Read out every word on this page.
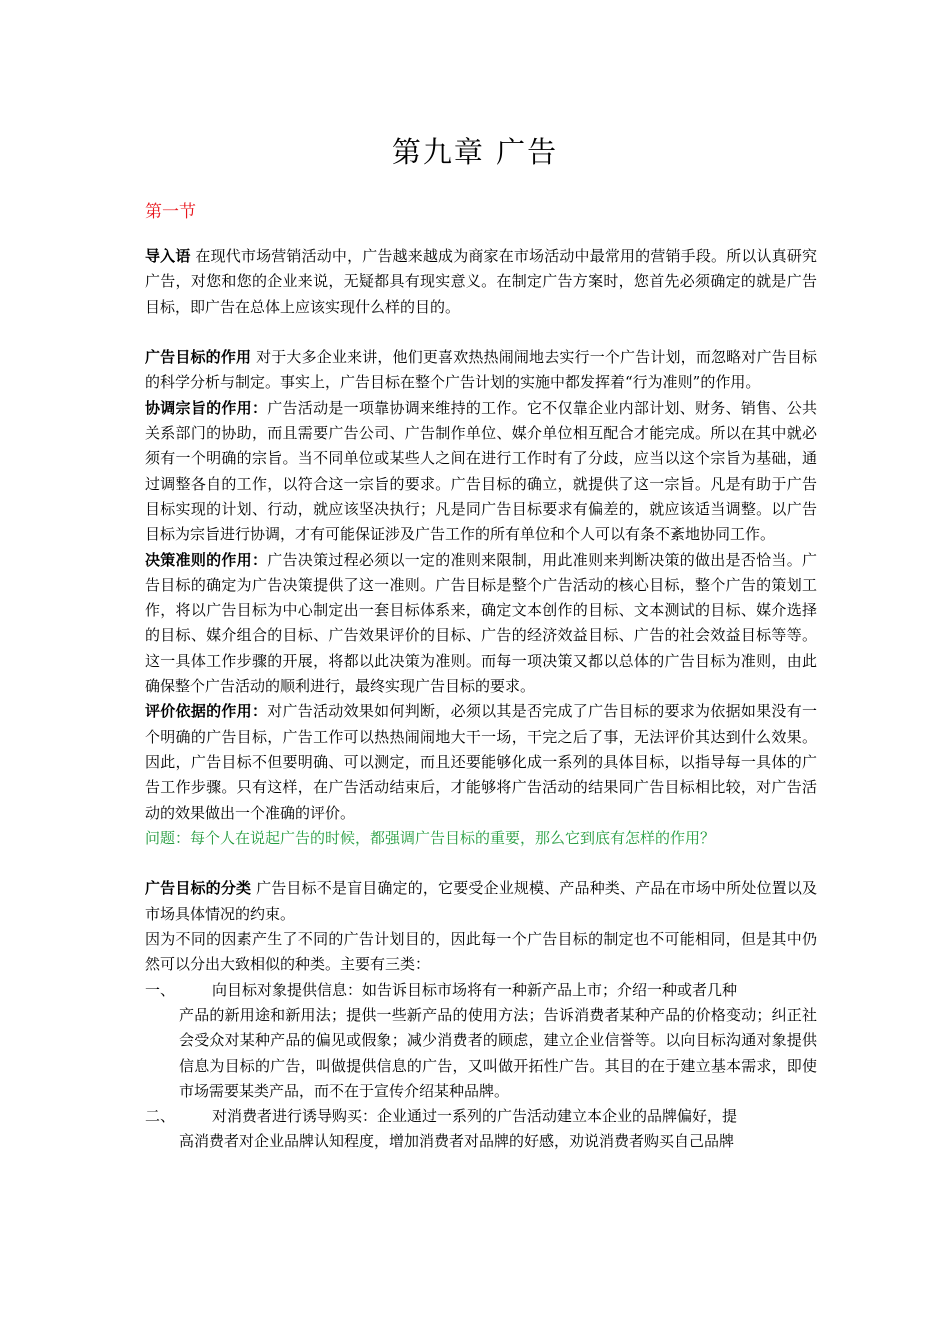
第九章 广告
第一节

导入语 在现代市场营销活动中，广告越来越成为商家在市场活动中最常用的营销手段。所以认真研究广告，对您和您的企业来说，无疑都具有现实意义。在制定广告方案时，您首先必须确定的就是广告目标，即广告在总体上应该实现什么样的目的。

广告目标的作用 对于大多企业来讲，他们更喜欢热热闹闹地去实行一个广告计划，而忽略对广告目标的科学分析与制定。事实上，广告目标在整个广告计划的实施中都发挥着“行为准则”的作用。

协调宗旨的作用：广告活动是一项靠协调来维持的工作。它不仅靠企业内部计划、财务、销售、公共关系部门的协助，而且需要广告公司、广告制作单位、媒介单位相互配合才能完成。所以在其中就必须有一个明确的宗旨。当不同单位或某些人之间在进行工作时有了分歧，应当以这个宗旨为基础，通过调整各自的工作，以符合这一宗旨的要求。广告目标的确立，就提供了这一宗旨。凡是有助于广告目标实现的计划、行动，就应该坚决执行；凡是同广告目标要求有偏差的，就应该适当调整。以广告目标为宗旨进行协调，才有可能保证涉及广告工作的所有单位和个人可以有条不紊地协同工作。

决策准则的作用：广告决策过程必须以一定的准则来限制，用此准则来判断决策的做出是否恰当。广告目标的确定为广告决策提供了这一准则。广告目标是整个广告活动的核心目标，整个广告的策划工作，将以广告目标为中心制定出一套目标体系来，确定文本创作的目标、文本测试的目标、媒介选择的目标、媒介组合的目标、广告效果评价的目标、广告的经济效益目标、广告的社会效益目标等等。这一具体工作步骤的开展，将都以此决策为准则。而每一项决策又都以总体的广告目标为准则，由此确保整个广告活动的顺利进行，最终实现广告目标的要求。

评价依据的作用：对广告活动效果如何判断，必须以其是否完成了广告目标的要求为依据如果没有一个明确的广告目标，广告工作可以热热闹闹地大干一场，干完之后了事，无法评价其达到什么效果。因此，广告目标不但要明确、可以测定，而且还要能够化成一系列的具体目标，以指导每一具体的广告工作步骤。只有这样，在广告活动结束后，才能够将广告活动的结果同广告目标相比较，对广告活动的效果做出一个准确的评价。

问题：每个人在说起广告的时候，都强调广告目标的重要，那么它到底有怎样的作用？

广告目标的分类 广告目标不是盲目确定的，它要受企业规模、产品种类、产品在市场中所处位置以及市场具体情况的约束。

因为不同的因素产生了不同的广告计划目的，因此每一个广告目标的制定也不可能相同，但是其中仍然可以分出大致相似的种类。主要有三类：

一、	向目标对象提供信息：如告诉目标市场将有一种新产品上市；介绍一种或者几种
产品的新用途和新用法；提供一些新产品的使用方法；告诉消费者某种产品的价格变动；纠正社会受众对某种产品的偏见或假象；减少消费者的顾虑，建立企业信誉等。以向目标沟通对象提供信息为目标的广告，叫做提供信息的广告，又叫做开拓性广告。其目的在于建立基本需求，即使市场需要某类产品，而不在于宣传介绍某种品牌。
二、	对消费者进行诱导购买：企业通过一系列的广告活动建立本企业的品牌偏好，提
高消费者对企业品牌认知程度，增加消费者对品牌的好感，劝说消费者购买自己品牌
